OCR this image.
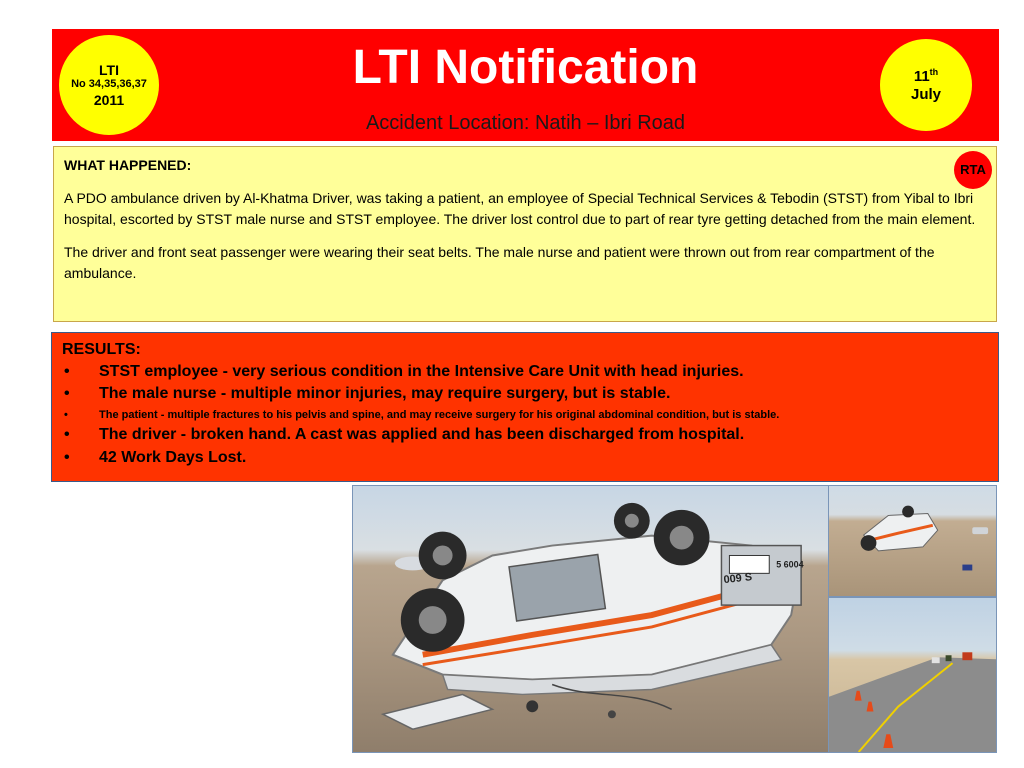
LTI
No 34,35,36,37
2011
LTI Notification
Accident Location: Natih – Ibri Road
11th
July
RTA
WHAT HAPPENED:

A PDO ambulance driven by Al-Khatma Driver, was taking a patient, an employee of Special Technical Services & Tebodin (STST) from Yibal to Ibri hospital, escorted by STST male nurse and STST employee. The driver lost control due to part of rear tyre getting detached from the main element.

The driver and front seat passenger were wearing their seat belts. The male nurse and patient were thrown out from rear compartment of the ambulance.

RESULTS:
• STST employee - very serious condition in the Intensive Care Unit with head injuries.
• The male nurse - multiple minor injuries, may require surgery, but is stable.
• The patient - multiple fractures to his pelvis and spine, and may receive surgery for his original abdominal condition, but is stable.
• The driver - broken hand. A cast was applied and has been discharged from hospital.
• 42 Work Days Lost.
009 S
5 6004
